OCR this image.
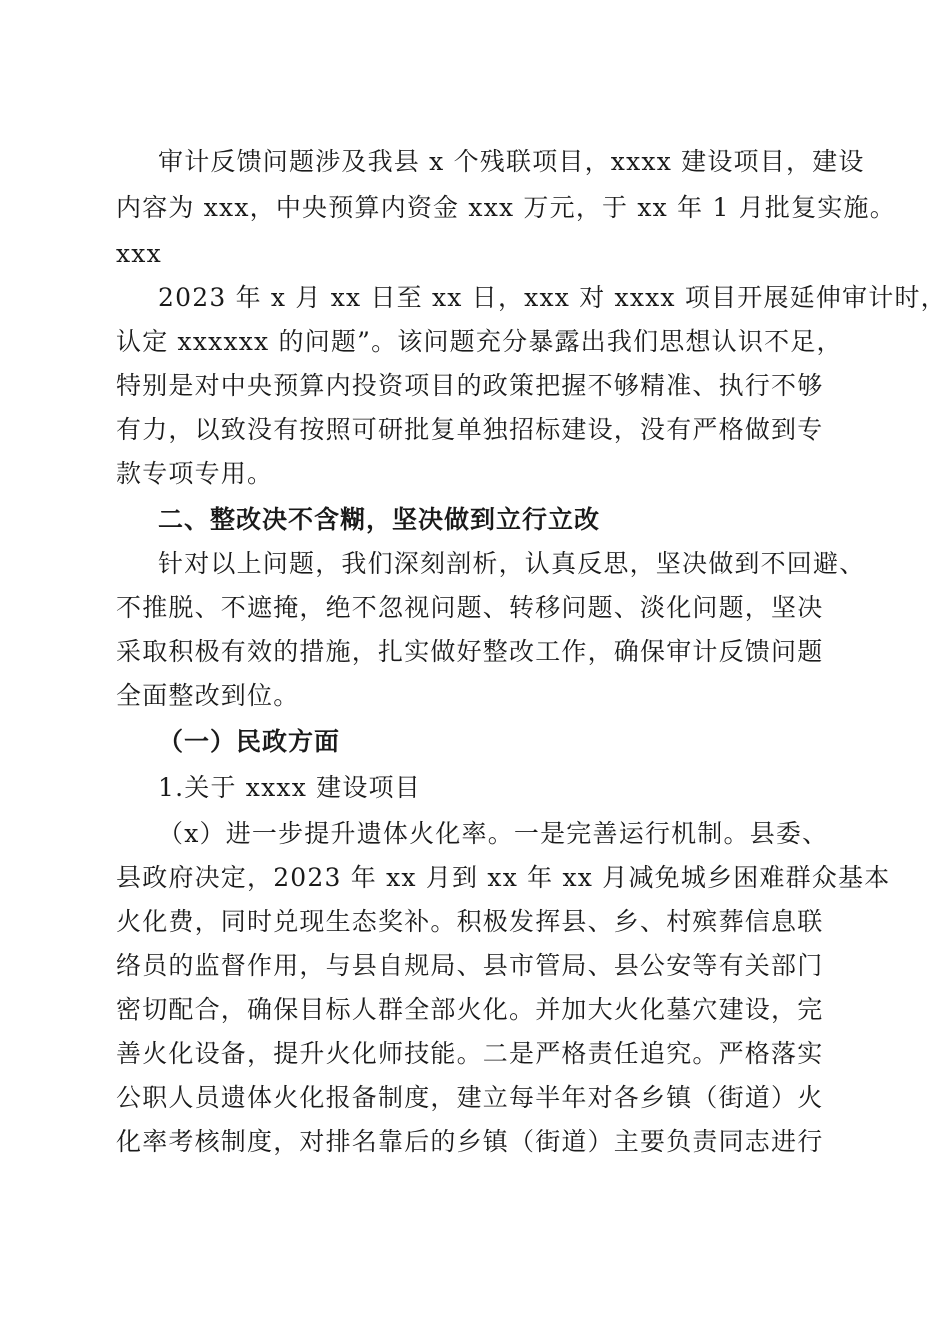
审计反馈问题涉及我县 x 个残联项目，xxxx 建设项目，建设
内容为 xxx，中央预算内资金 xxx 万元，于 xx 年 1 月批复实施。
xxx
2023 年 x 月 xx 日至 xx 日，xxx 对 xxxx 项目开展延伸审计时，
认定 xxxxxx 的问题”。该问题充分暴露出我们思想认识不足，
特别是对中央预算内投资项目的政策把握不够精准、执行不够
有力，以致没有按照可研批复单独招标建设，没有严格做到专
款专项专用。
二、整改决不含糊，坚决做到立行立改
针对以上问题，我们深刻剖析，认真反思，坚决做到不回避、
不推脱、不遮掩，绝不忽视问题、转移问题、淡化问题，坚决
采取积极有效的措施，扎实做好整改工作，确保审计反馈问题
全面整改到位。
（一）民政方面
1.关于 xxxx 建设项目
（x）进一步提升遗体火化率。一是完善运行机制。县委、
县政府决定，2023 年 xx 月到 xx 年 xx 月减免城乡困难群众基本
火化费，同时兑现生态奖补。积极发挥县、乡、村殡葬信息联
络员的监督作用，与县自规局、县市管局、县公安等有关部门
密切配合，确保目标人群全部火化。并加大火化墓穴建设，完
善火化设备，提升火化师技能。二是严格责任追究。严格落实
公职人员遗体火化报备制度，建立每半年对各乡镇（街道）火
化率考核制度，对排名靠后的乡镇（街道）主要负责同志进行
